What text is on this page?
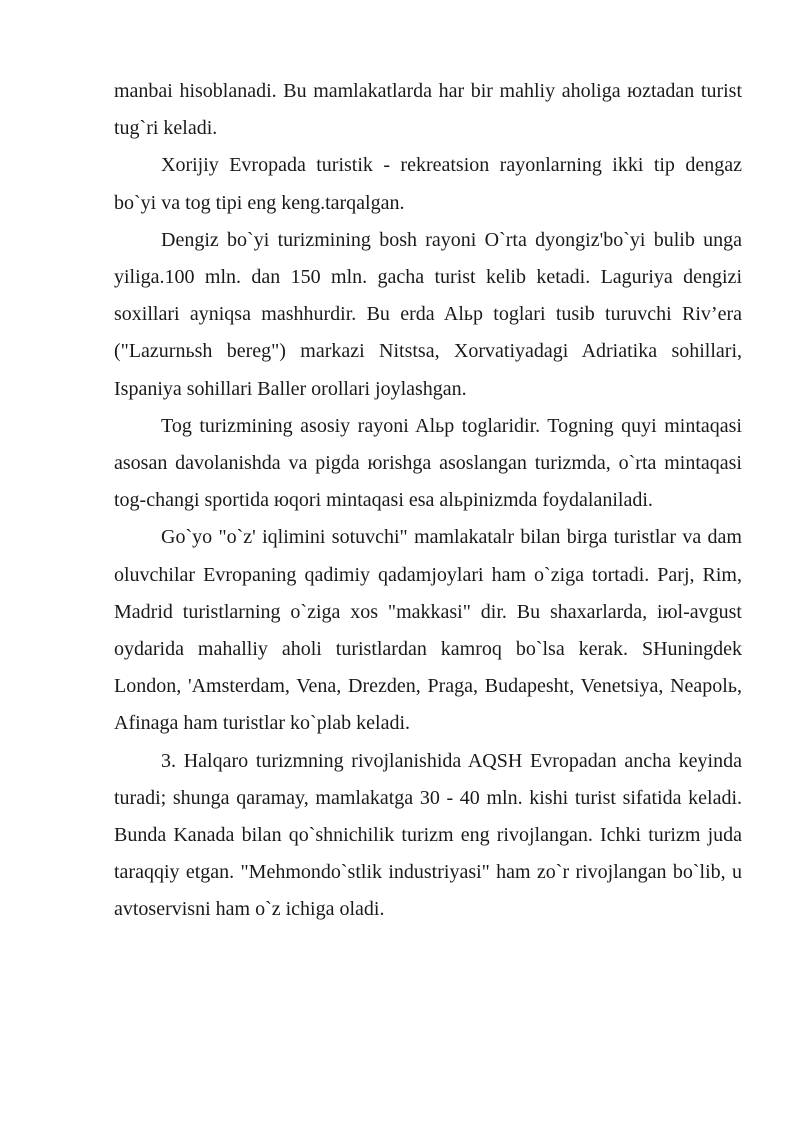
manbai hisoblanadi. Bu mamlakatlarda har bir mahliy aholiga юztadan turist tug`ri keladi.

Xorijiy Evropada turistik - rekreatsion rayonlarning ikki tip dengaz bo`yi va tog tipi eng keng.tarqalgan.

Dengiz bo`yi turizmining bosh rayoni O`rta dyongiz'bo`yi bulib unga yiliga.100 mln. dan 150 mln. gacha turist kelib ketadi. Laguriya dengizi soxillari ayniqsa mashhurdir. Bu erda Alьp toglari tusib turuvchi Riv’era ("Lazurnьsh bereg") markazi Nitstsa, Xorvatiyadagi Adriatika sohillari, Ispaniya sohillari Baller orollari joylashgan.

Tog turizmining asosiy rayoni Alьp toglaridir. Togning quyi mintaqasi asosan davolanishda va pigda юrishga asoslangan turizmda, o`rta mintaqasi tog-changi sportida юqori mintaqasi esa alьpinizmda foydalaniladi.

Go`yo "o`z' iqlimini sotuvchi" mamlakatalr bilan birga turistlar va dam oluvchilar Evropaning qadimiy qadamjoylari ham o`ziga tortadi. Parj, Rim, Madrid turistlarning o`ziga xos "makkasi" dir. Bu shaxarlarda, iюl-avgust oydarida mahalliy aholi turistlardan kamroq bo`lsa kerak. SHuningdek London, 'Amsterdam, Vena, Drezden, Praga, Budapesht, Venetsiya, Neapolь, Afinaga ham turistlar ko`plab keladi.

3. Halqaro turizmning rivojlanishida AQSH Evropadan ancha keyinda turadi; shunga qaramay, mamlakatga 30 - 40 mln. kishi turist sifatida keladi. Bunda Kanada bilan qo`shnichilik turizm eng rivojlangan. Ichki turizm juda taraqqiy etgan. "Mehmondo`stlik industriyasi" ham zo`r rivojlangan bo`lib, u avtoservisni ham o`z ichiga oladi.
